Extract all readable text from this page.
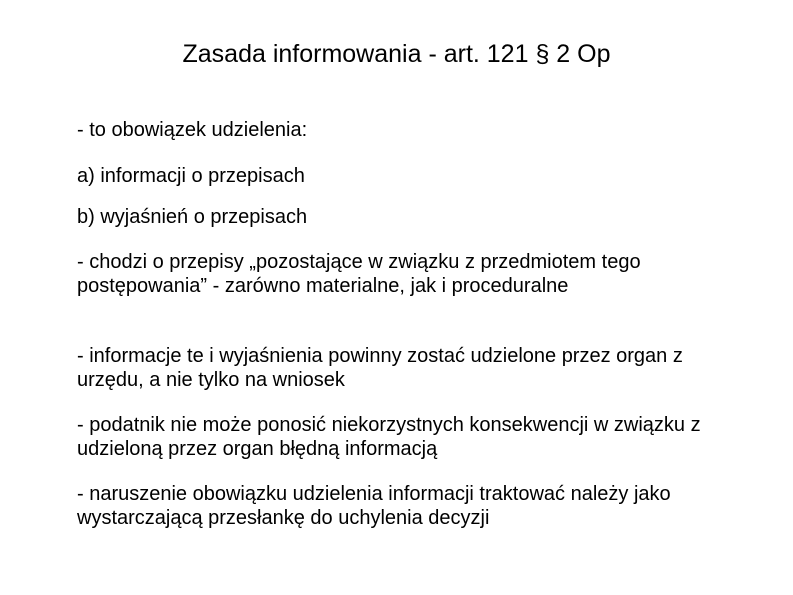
Zasada informowania - art. 121 § 2 Op
- to obowiązek udzielenia:
a) informacji o przepisach
b) wyjaśnień o przepisach
- chodzi o przepisy „pozostające w związku z przedmiotem tego postępowania” - zarówno materialne, jak i proceduralne
- informacje te i wyjaśnienia powinny zostać udzielone przez organ z urzędu, a nie tylko na wniosek
- podatnik nie może ponosić niekorzystnych konsekwencji w związku z udzieloną przez organ błędną informacją
- naruszenie obowiązku udzielenia informacji traktować należy jako wystarczającą przesłankę do uchylenia decyzji
